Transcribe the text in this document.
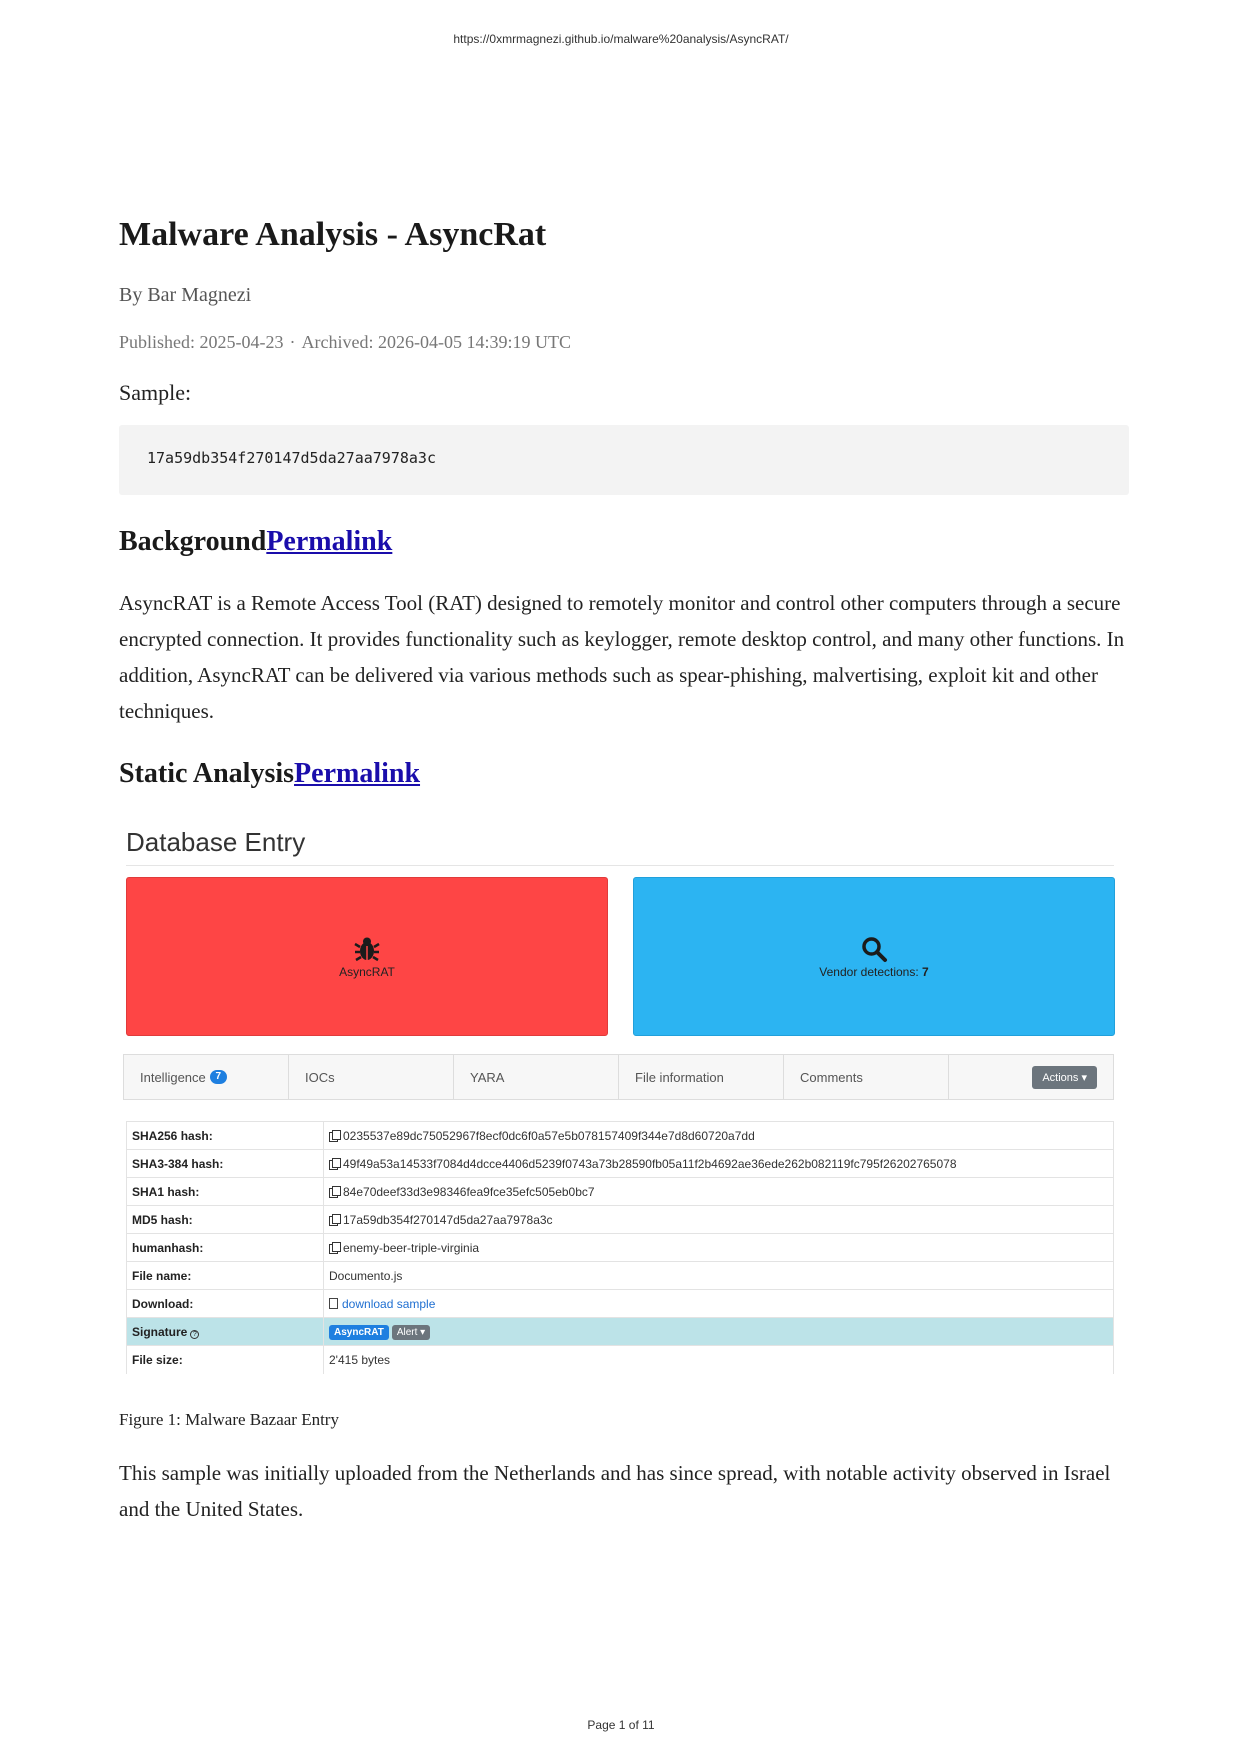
https://0xmrmagnezi.github.io/malware%20analysis/AsyncRAT/
Malware Analysis - AsyncRat
By Bar Magnezi
Published: 2025-04-23 · Archived: 2026-04-05 14:39:19 UTC
Sample:
17a59db354f270147d5da27aa7978a3c
BackgroundPermalink

AsyncRAT is a Remote Access Tool (RAT) designed to remotely monitor and control other computers through a secure encrypted connection. It provides functionality such as keylogger, remote desktop control, and many other functions. In addition, AsyncRAT can be delivered via various methods such as spear-phishing, malvertising, exploit kit and other techniques.

Static AnalysisPermalink
Database Entry
AsyncRAT	Vendor detections: 7
Intelligence 7	IOCs	YARA	File information	Comments	Actions ▾
SHA256 hash:	0235537e89dc75052967f8ecf0dc6f0a57e5b078157409f344e7d8d60720a7dd
SHA3-384 hash:	49f49a53a14533f7084d4dcce4406d5239f0743a73b28590fb05a11f2b4692ae36ede262b082119fc795f26202765078
SHA1 hash:	84e70deef33d3e98346fea9fce35efc505eb0bc7
MD5 hash:	17a59db354f270147d5da27aa7978a3c
humanhash:	enemy-beer-triple-virginia
File name:	Documento.js
Download:	download sample
Signature ?	AsyncRAT Alert ▾
File size:	2'415 bytes
Figure 1: Malware Bazaar Entry

This sample was initially uploaded from the Netherlands and has since spread, with notable activity observed in Israel and the United States.

Page 1 of 11
